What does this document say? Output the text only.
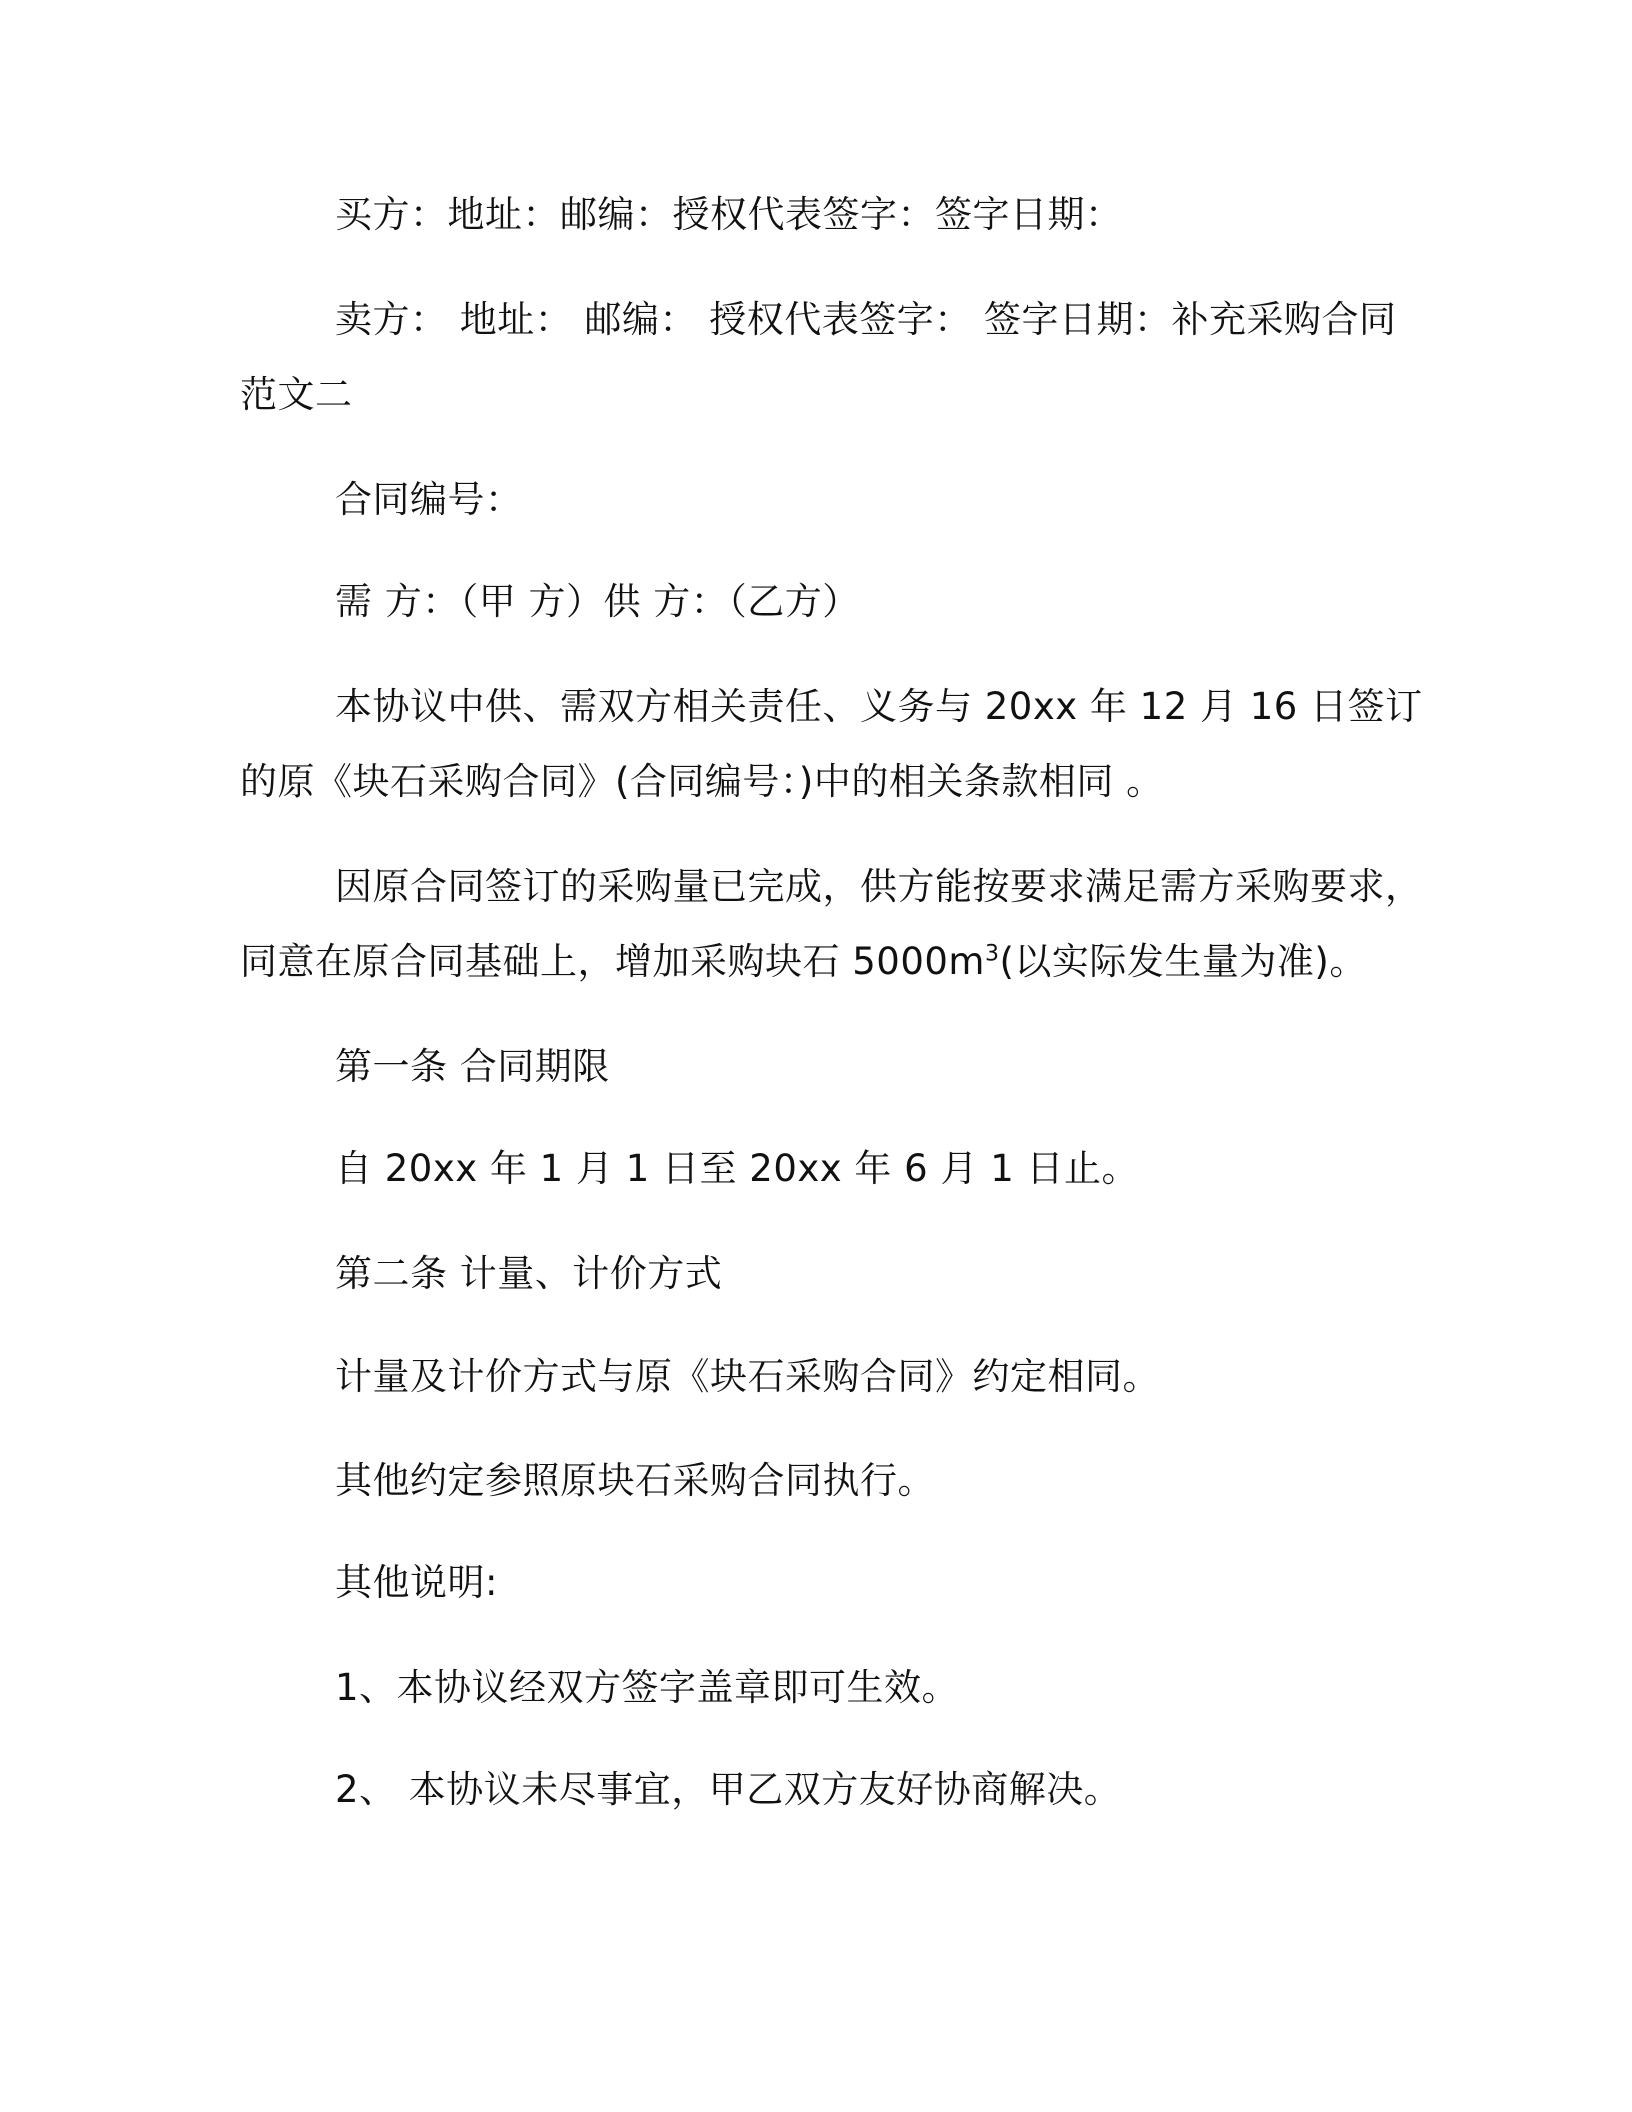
买方：地址：邮编：授权代表签字：签字日期：

卖方： 地址： 邮编： 授权代表签字： 签字日期：补充采购合同

范文二

合同编号：

需 方：（甲 方）供 方：（乙方）

本协议中供、需双方相关责任、义务与 20xx 年 12 月 16 日签订

的原《块石采购合同》(合同编号：)中的相关条款相同 。

因原合同签订的采购量已完成，供方能按要求满足需方采购要求，

同意在原合同基础上，增加采购块石 $5000m^3$(以实际发生量为准)。

第一条 合同期限

自 20xx 年 1 月 1 日至 20xx 年 6 月 1 日止。

第二条 计量、计价方式

计量及计价方式与原《块石采购合同》约定相同。

其他约定参照原块石采购合同执行。

其他说明:

1、本协议经双方签字盖章即可生效。

2、 本协议未尽事宜，甲乙双方友好协商解决。
